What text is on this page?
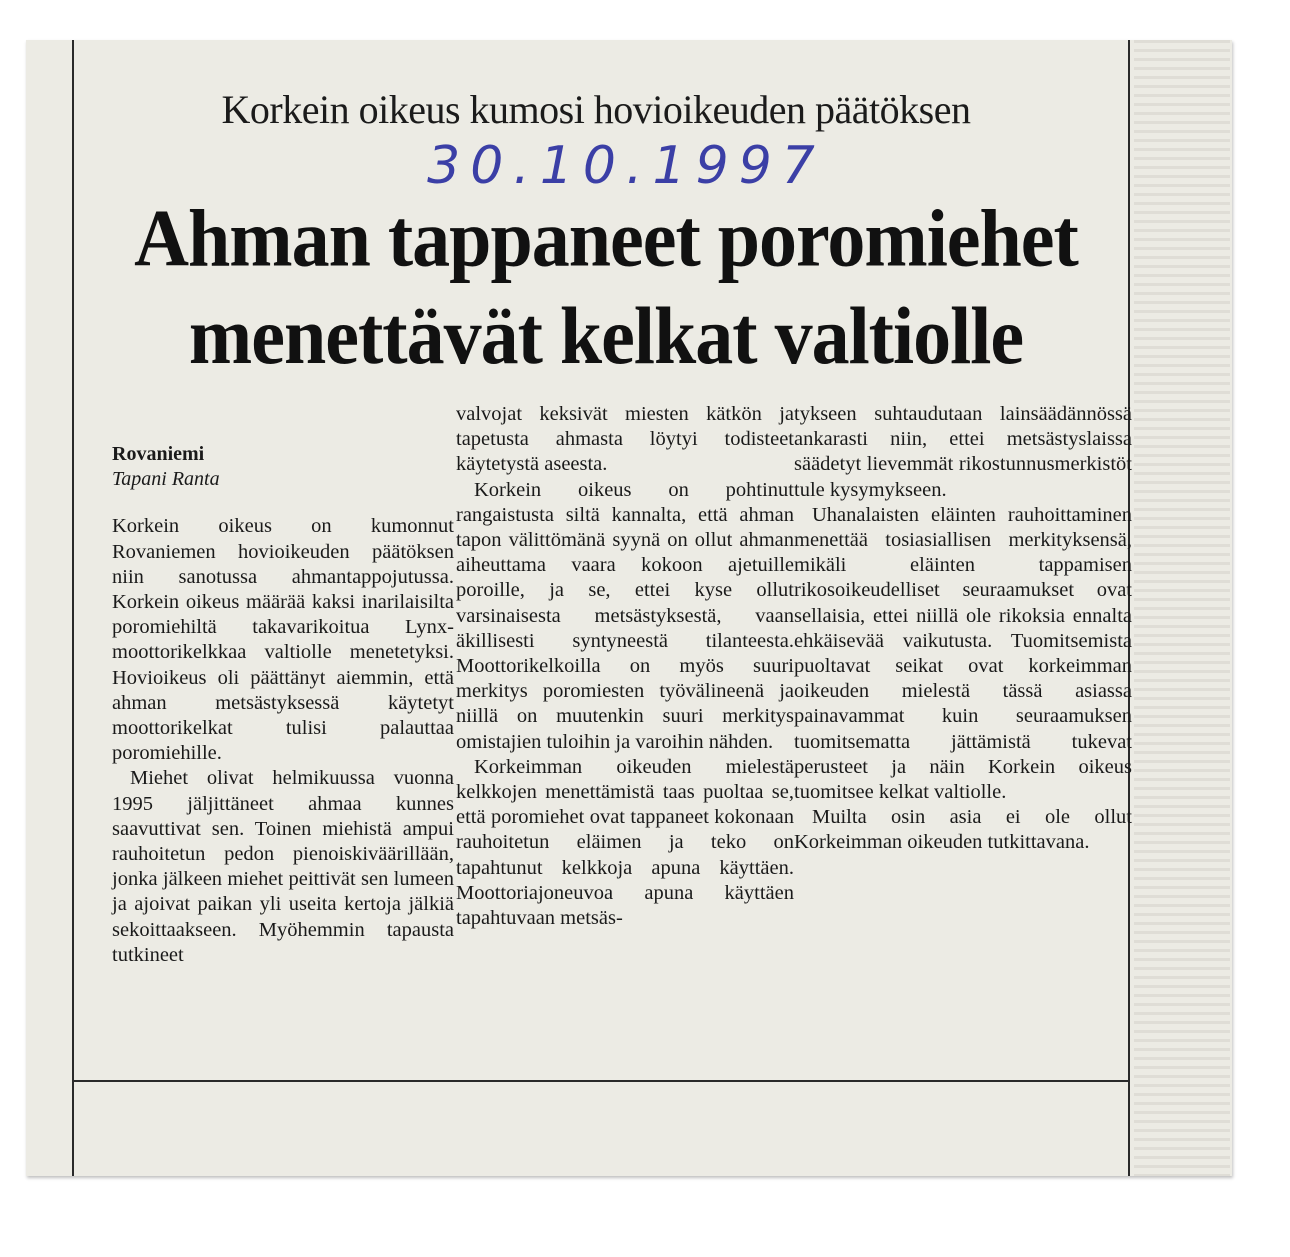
Korkein oikeus kumosi hovioikeuden päätöksen
30.10.1997
Ahman tappaneet poromiehet
menettävät kelkat valtiolle

Rovaniemi

Tapani Ranta

Korkein oikeus on kumonnut Rovaniemen hovioikeuden päätöksen niin sanotussa ahmantappojutussa. Korkein oikeus määrää kaksi inarilaisilta poromiehiltä takavarikoitua Lynx-moottorikelkkaa valtiolle menetetyksi. Hovioikeus oli päättänyt aiemmin, että ahman metsästyksessä käytetyt moottorikelkat tulisi palauttaa poromiehille.

Miehet olivat helmikuussa vuonna 1995 jäljittäneet ahmaa kunnes saavuttivat sen. Toinen miehistä ampui rauhoitetun pedon pienoiskiväärillään, jonka jälkeen miehet peittivät sen lumeen ja ajoivat paikan yli useita kertoja jälkiä sekoittaakseen. Myöhemmin tapausta tutkineet

valvojat keksivät miesten kätkön ja tapetusta ahmasta löytyi todisteet käytetystä aseesta.

Korkein oikeus on pohtinut rangaistusta siltä kannalta, että ahman tapon välittömänä syynä on ollut ahman aiheuttama vaara kokoon ajetuille poroille, ja se, ettei kyse ollut varsinaisesta metsästyksestä, vaan äkillisesti syntyneestä tilanteesta. Moottorikelkoilla on myös suuri merkitys poromiesten työvälineenä ja niillä on muutenkin suuri merkitys omistajien tuloihin ja varoihin nähden.

Korkeimman oikeuden mielestä kelkkojen menettämistä taas puoltaa se, että poromiehet ovat tappaneet kokonaan rauhoitetun eläimen ja teko on tapahtunut kelkkoja apuna käyttäen. Moottoriajoneuvoa apuna käyttäen tapahtuvaan metsäs-

tykseen suhtaudutaan lainsäädännössä ankarasti niin, ettei metsästyslaissa säädetyt lievemmät rikostunnusmerkistöt tule kysymykseen.

Uhanalaisten eläinten rauhoittaminen menettää tosiasiallisen merkityksensä, mikäli eläinten tappamisen rikosoikeudelliset seuraamukset ovat sellaisia, ettei niillä ole rikoksia ennalta ehkäisevää vaikutusta. Tuomitsemista puoltavat seikat ovat korkeimman oikeuden mielestä tässä asiassa painavammat kuin seuraamuksen tuomitsematta jättämistä tukevat perusteet ja näin Korkein oikeus tuomitsee kelkat valtiolle.

Muilta osin asia ei ole ollut Korkeimman oikeuden tutkittavana.
